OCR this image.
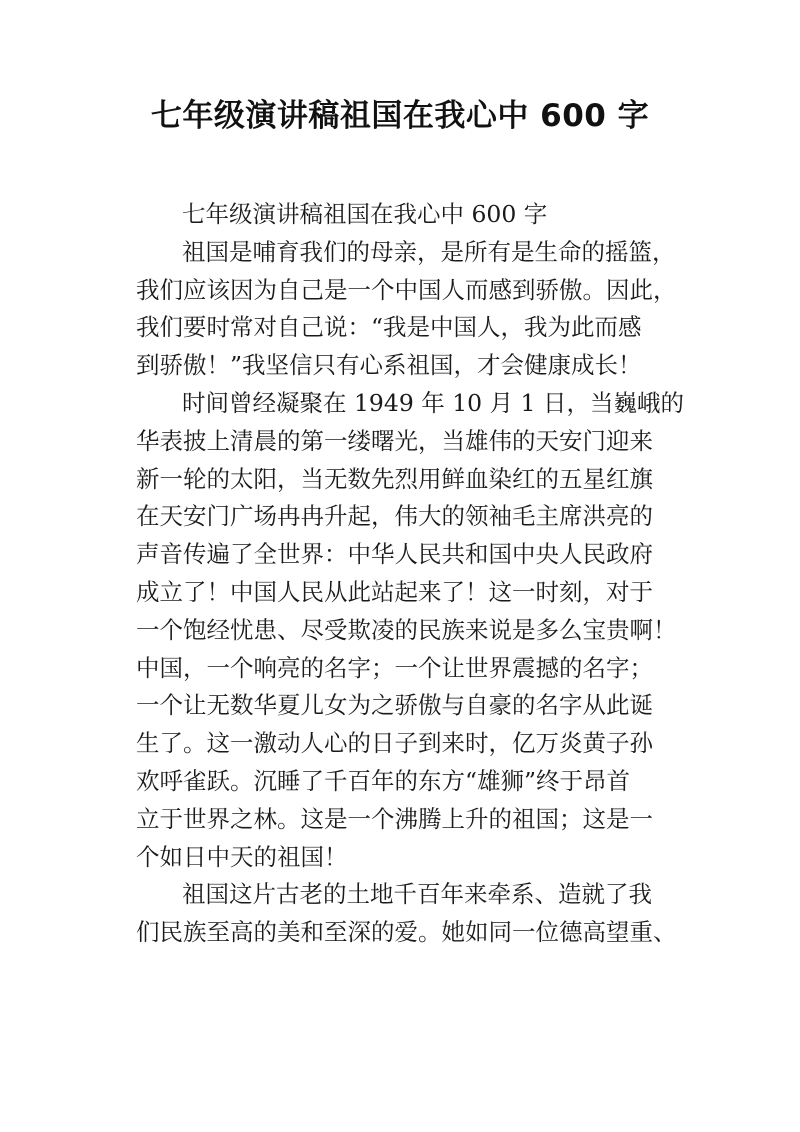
七年级演讲稿祖国在我心中 600 字
七年级演讲稿祖国在我心中 600 字
祖国是哺育我们的母亲，是所有是生命的摇篮，
我们应该因为自己是一个中国人而感到骄傲。因此，
我们要时常对自己说：“我是中国人，我为此而感
到骄傲！”我坚信只有心系祖国，才会健康成长！
时间曾经凝聚在 1949 年 10 月 1 日，当巍峨的
华表披上清晨的第一缕曙光，当雄伟的天安门迎来
新一轮的太阳，当无数先烈用鲜血染红的五星红旗
在天安门广场冉冉升起，伟大的领袖毛主席洪亮的
声音传遍了全世界：中华人民共和国中央人民政府
成立了！中国人民从此站起来了！这一时刻，对于
一个饱经忧患、尽受欺凌的民族来说是多么宝贵啊！
中国，一个响亮的名字；一个让世界震撼的名字；
一个让无数华夏儿女为之骄傲与自豪的名字从此诞
生了。这一激动人心的日子到来时，亿万炎黄子孙
欢呼雀跃。沉睡了千百年的东方“雄狮”终于昂首
立于世界之林。这是一个沸腾上升的祖国；这是一
个如日中天的祖国！
祖国这片古老的土地千百年来牵系、造就了我
们民族至高的美和至深的爱。她如同一位德高望重、
